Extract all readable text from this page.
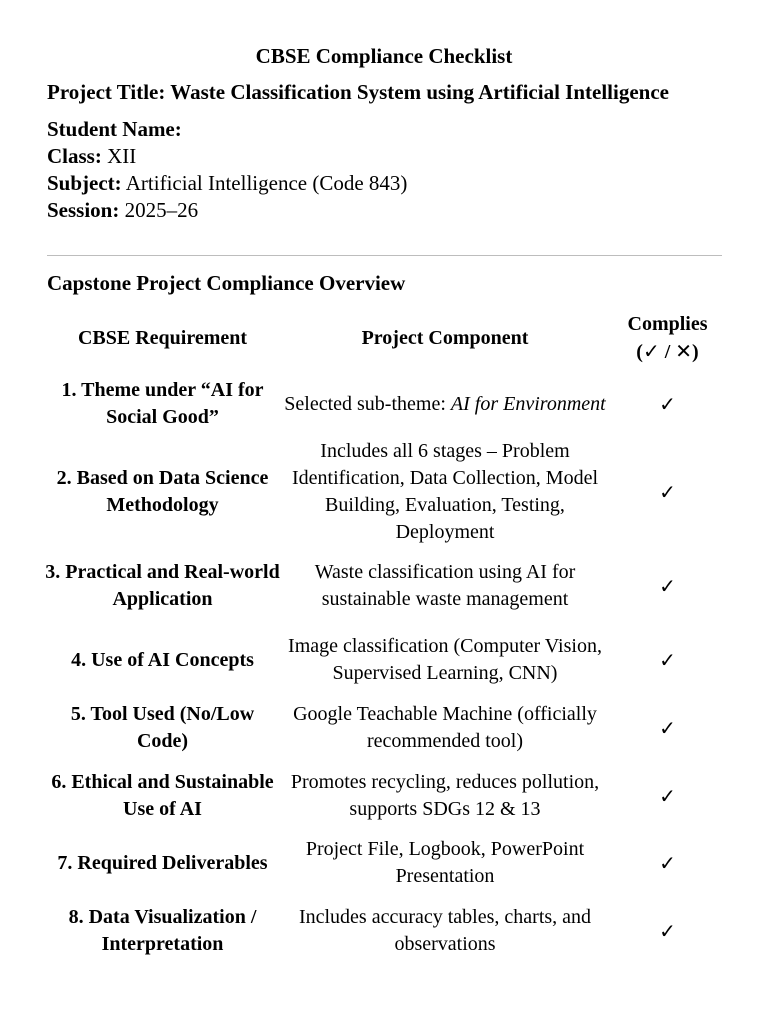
CBSE Compliance Checklist
Project Title: Waste Classification System using Artificial Intelligence
Student Name:
Class: XII
Subject: Artificial Intelligence (Code 843)
Session: 2025–26
Capstone Project Compliance Overview
CBSE Requirement	Project Component	Complies
(✓ / ✕)

1. Theme under “AI for Social Good”	Selected sub-theme: AI for Environment	✓
2. Based on Data Science Methodology	Includes all 6 stages – Problem Identification, Data Collection, Model Building, Evaluation, Testing, Deployment	✓
3. Practical and Real-world Application	Waste classification using AI for sustainable waste management	✓
4. Use of AI Concepts	Image classification (Computer Vision, Supervised Learning, CNN)	✓
5. Tool Used (No/Low Code)	Google Teachable Machine (officially recommended tool)	✓
6. Ethical and Sustainable Use of AI	Promotes recycling, reduces pollution, supports SDGs 12 & 13	✓
7. Required Deliverables	Project File, Logbook, PowerPoint Presentation	✓
8. Data Visualization / Interpretation	Includes accuracy tables, charts, and observations	✓
